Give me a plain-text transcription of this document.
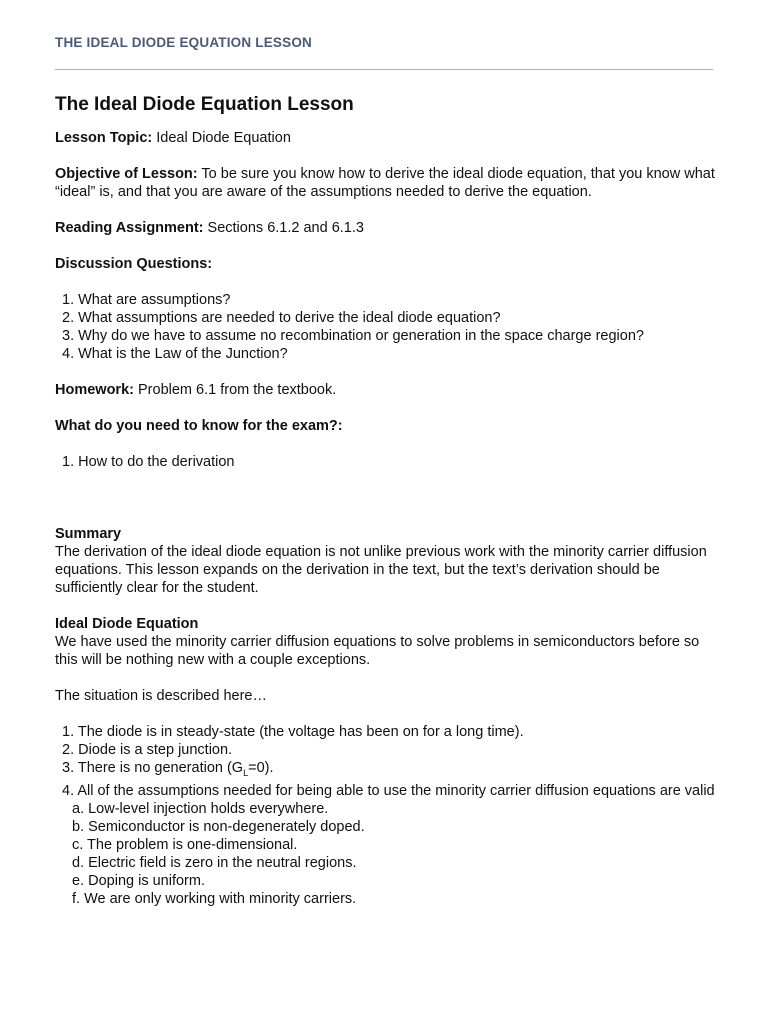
THE IDEAL DIODE EQUATION LESSON
The Ideal Diode Equation Lesson

Lesson Topic: Ideal Diode Equation

Objective of Lesson: To be sure you know how to derive the ideal diode equation, that you know what “ideal” is, and that you are aware of the assumptions needed to derive the equation.

Reading Assignment: Sections 6.1.2 and 6.1.3

Discussion Questions:

1. What are assumptions?
2. What assumptions are needed to derive the ideal diode equation?
3. Why do we have to assume no recombination or generation in the space charge region?
4. What is the Law of the Junction?

Homework: Problem 6.1 from the textbook.

What do you need to know for the exam?:

1. How to do the derivation
Summary

The derivation of the ideal diode equation is not unlike previous work with the minority carrier diffusion equations. This lesson expands on the derivation in the text, but the text’s derivation should be sufficiently clear for the student.

Ideal Diode Equation

We have used the minority carrier diffusion equations to solve problems in semiconductors before so this will be nothing new with a couple exceptions.

The situation is described here…

1. The diode is in steady-state (the voltage has been on for a long time).
2. Diode is a step junction.
3. There is no generation $(G_L=0)$.
4. All of the assumptions needed for being able to use the minority carrier diffusion equations are valid
a. Low-level injection holds everywhere.
b. Semiconductor is non-degenerately doped.
c. The problem is one-dimensional.
d. Electric field is zero in the neutral regions.
e. Doping is uniform.
f. We are only working with minority carriers.
